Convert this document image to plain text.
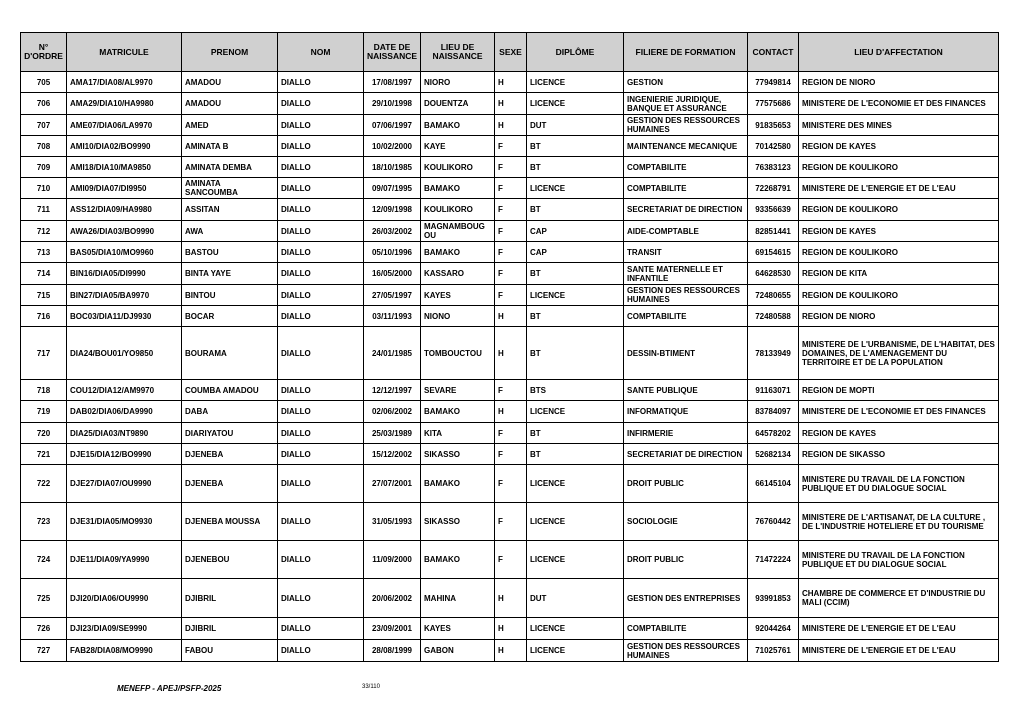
N° D'ORDRE	MATRICULE	PRENOM	NOM	DATE DE NAISSANCE	LIEU DE NAISSANCE	SEXE	DIPLÔME	FILIERE DE FORMATION	CONTACT	LIEU D'AFFECTATION
705	AMA17/DIA08/AL9970	AMADOU	DIALLO	17/08/1997	NIORO	H	LICENCE	GESTION	77949814	REGION DE NIORO
706	AMA29/DIA10/HA9980	AMADOU	DIALLO	29/10/1998	DOUENTZA	H	LICENCE	INGENIERIE JURIDIQUE, BANQUE ET ASSURANCE	77575686	MINISTERE DE L'ECONOMIE ET DES FINANCES
707	AME07/DIA06/LA9970	AMED	DIALLO	07/06/1997	BAMAKO	H	DUT	GESTION DES RESSOURCES HUMAINES	91835653	MINISTERE DES MINES
708	AMI10/DIA02/BO9990	AMINATA B	DIALLO	10/02/2000	KAYE	F	BT	MAINTENANCE MECANIQUE	70142580	REGION DE KAYES
709	AMI18/DIA10/MA9850	AMINATA DEMBA	DIALLO	18/10/1985	KOULIKORO	F	BT	COMPTABILITE	76383123	REGION DE KOULIKORO
710	AMI09/DIA07/DI9950	AMINATA SANCOUMBA	DIALLO	09/07/1995	BAMAKO	F	LICENCE	COMPTABILITE	72268791	MINISTERE DE L'ENERGIE ET DE L'EAU
711	ASS12/DIA09/HA9980	ASSITAN	DIALLO	12/09/1998	KOULIKORO	F	BT	SECRETARIAT DE DIRECTION	93356639	REGION DE KOULIKORO
712	AWA26/DIA03/BO9990	AWA	DIALLO	26/03/2002	MAGNAMBOUG OU	F	CAP	AIDE-COMPTABLE	82851441	REGION DE KAYES
713	BAS05/DIA10/MO9960	BASTOU	DIALLO	05/10/1996	BAMAKO	F	CAP	TRANSIT	69154615	REGION DE KOULIKORO
714	BIN16/DIA05/DI9990	BINTA YAYE	DIALLO	16/05/2000	KASSARO	F	BT	SANTE MATERNELLE ET INFANTILE	64628530	REGION DE KITA
715	BIN27/DIA05/BA9970	BINTOU	DIALLO	27/05/1997	KAYES	F	LICENCE	GESTION DES RESSOURCES HUMAINES	72480655	REGION DE KOULIKORO
716	BOC03/DIA11/DJ9930	BOCAR	DIALLO	03/11/1993	NIONO	H	BT	COMPTABILITE	72480588	REGION DE NIORO
717	DIA24/BOU01/YO9850	BOURAMA	DIALLO	24/01/1985	TOMBOUCTOU	H	BT	DESSIN-BTIMENT	78133949	MINISTERE DE L'URBANISME, DE L'HABITAT, DES DOMAINES, DE L'AMENAGEMENT DU TERRITOIRE ET DE LA POPULATION
718	COU12/DIA12/AM9970	COUMBA AMADOU	DIALLO	12/12/1997	SEVARE	F	BTS	SANTE PUBLIQUE	91163071	REGION DE MOPTI
719	DAB02/DIA06/DA9990	DABA	DIALLO	02/06/2002	BAMAKO	H	LICENCE	INFORMATIQUE	83784097	MINISTERE DE L'ECONOMIE ET DES FINANCES
720	DIA25/DIA03/NT9890	DIARIYATOU	DIALLO	25/03/1989	KITA	F	BT	INFIRMERIE	64578202	REGION DE KAYES
721	DJE15/DIA12/BO9990	DJENEBA	DIALLO	15/12/2002	SIKASSO	F	BT	SECRETARIAT DE DIRECTION	52682134	REGION DE SIKASSO
722	DJE27/DIA07/OU9990	DJENEBA	DIALLO	27/07/2001	BAMAKO	F	LICENCE	DROIT PUBLIC	66145104	MINISTERE DU TRAVAIL DE LA FONCTION PUBLIQUE ET DU DIALOGUE SOCIAL
723	DJE31/DIA05/MO9930	DJENEBA MOUSSA	DIALLO	31/05/1993	SIKASSO	F	LICENCE	SOCIOLOGIE	76760442	MINISTERE DE L'ARTISANAT, DE LA CULTURE , DE L'INDUSTRIE HOTELIERE ET DU TOURISME
724	DJE11/DIA09/YA9990	DJENEBOU	DIALLO	11/09/2000	BAMAKO	F	LICENCE	DROIT PUBLIC	71472224	MINISTERE DU TRAVAIL DE LA FONCTION PUBLIQUE ET DU DIALOGUE SOCIAL
725	DJI20/DIA06/OU9990	DJIBRIL	DIALLO	20/06/2002	MAHINA	H	DUT	GESTION DES ENTREPRISES	93991853	CHAMBRE DE COMMERCE ET D'INDUSTRIE DU MALI (CCIM)
726	DJI23/DIA09/SE9990	DJIBRIL	DIALLO	23/09/2001	KAYES	H	LICENCE	COMPTABILITE	92044264	MINISTERE DE L'ENERGIE ET DE L'EAU
727	FAB28/DIA08/MO9990	FABOU	DIALLO	28/08/1999	GABON	H	LICENCE	GESTION DES RESSOURCES HUMAINES	71025761	MINISTERE DE L'ENERGIE ET DE L'EAU
MENEFP - APEJ/PSFP-2025	33/110
